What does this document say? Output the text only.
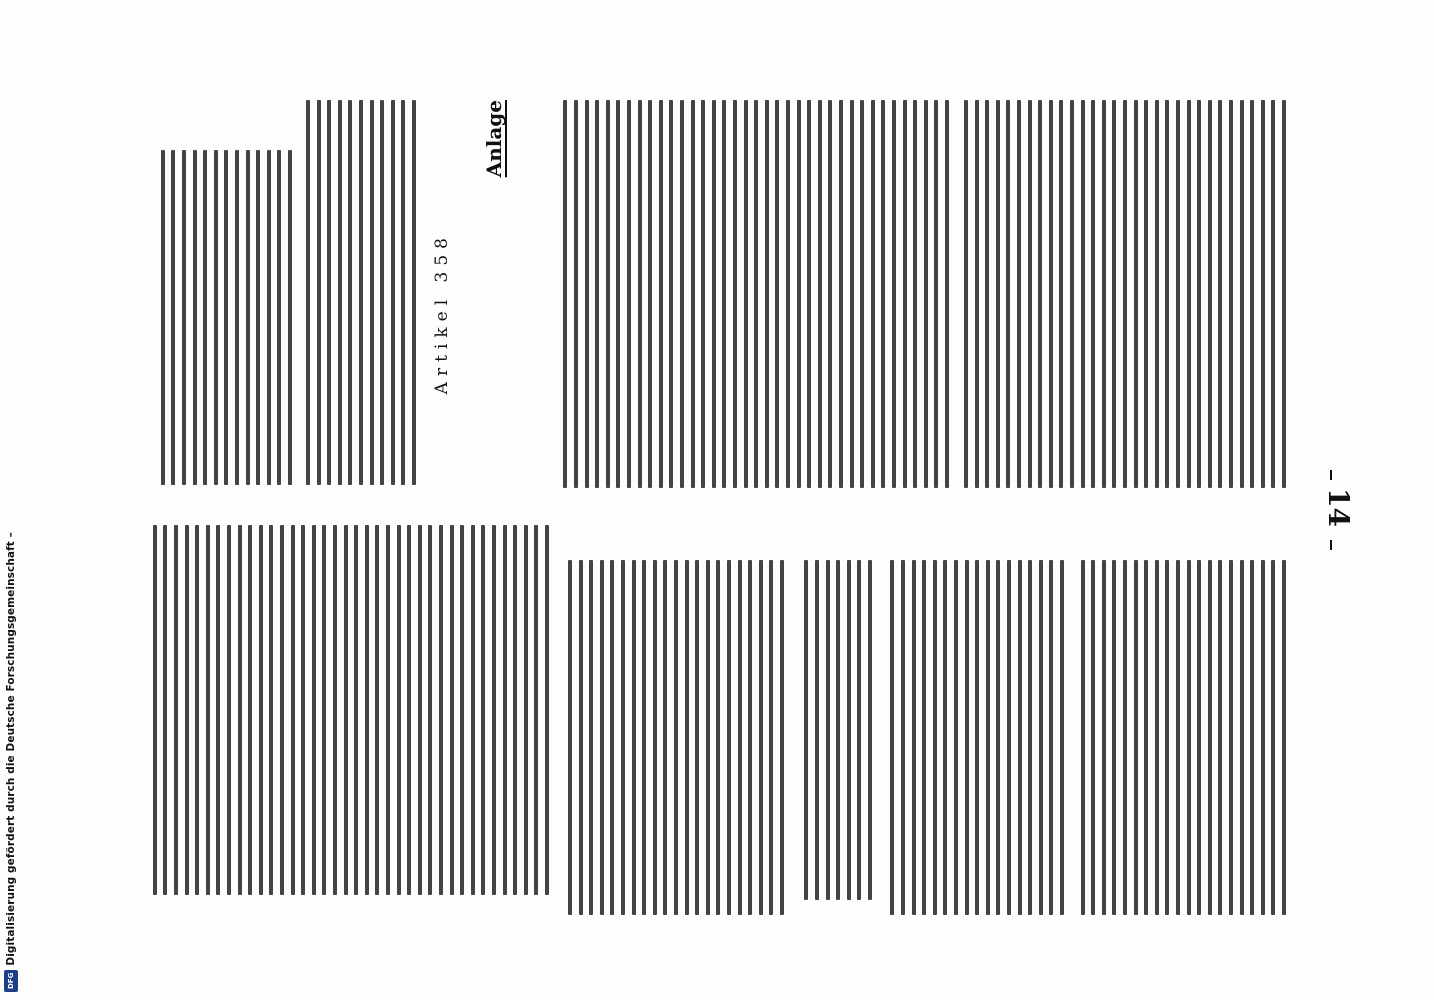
Digitalisierung gefördert durch die Deutsche Forschungsgemeinschaft –
DFG
14
Anlage
Artikel 358
